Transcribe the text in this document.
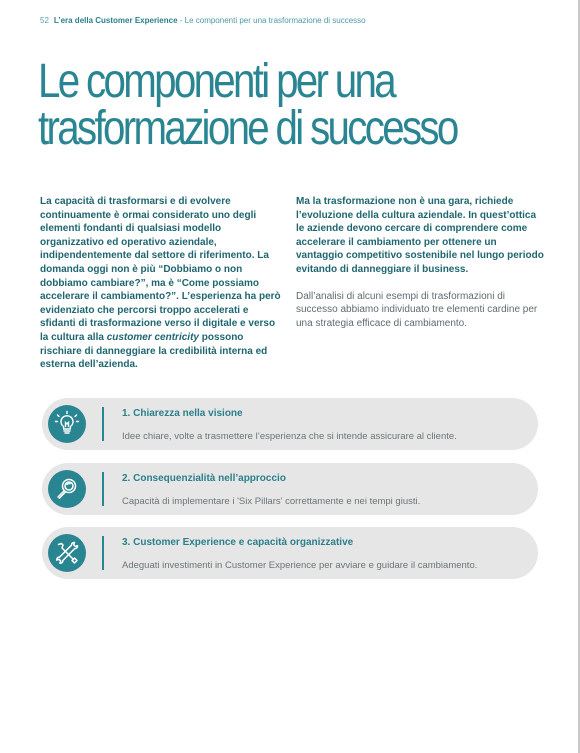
52 L’era della Customer Experience - Le componenti per una trasformazione di successo
Le componenti per una
trasformazione di successo

La capacità di trasformarsi e di evolvere continuamente è ormai considerato uno degli elementi fondanti di qualsiasi modello organizzativo ed operativo aziendale, indipendentemente dal settore di riferimento. La domanda oggi non è più “Dobbiamo o non dobbiamo cambiare?”, ma è “Come possiamo accelerare il cambiamento?”. L’esperienza ha però evidenziato che percorsi troppo accelerati e sfidanti di trasformazione verso il digitale e verso la cultura alla customer centricity possono rischiare di danneggiare la credibilità interna ed esterna dell’azienda.

Ma la trasformazione non è una gara, richiede l’evoluzione della cultura aziendale. In quest’ottica le aziende devono cercare di comprendere come accelerare il cambiamento per ottenere un vantaggio competitivo sostenibile nel lungo periodo evitando di danneggiare il business.

Dall’analisi di alcuni esempi di trasformazioni di successo abbiamo individuato tre elementi cardine per una strategia efficace di cambiamento.

1. Chiarezza nella visione
Idee chiare, volte a trasmettere l’esperienza che si intende assicurare al cliente.
2. Consequenzialità nell’approccio
Capacità di implementare i 'Six Pillars' correttamente e nei tempi giusti.
3. Customer Experience e capacità organizzative
Adeguati investimenti in Customer Experience per avviare e guidare il cambiamento.
